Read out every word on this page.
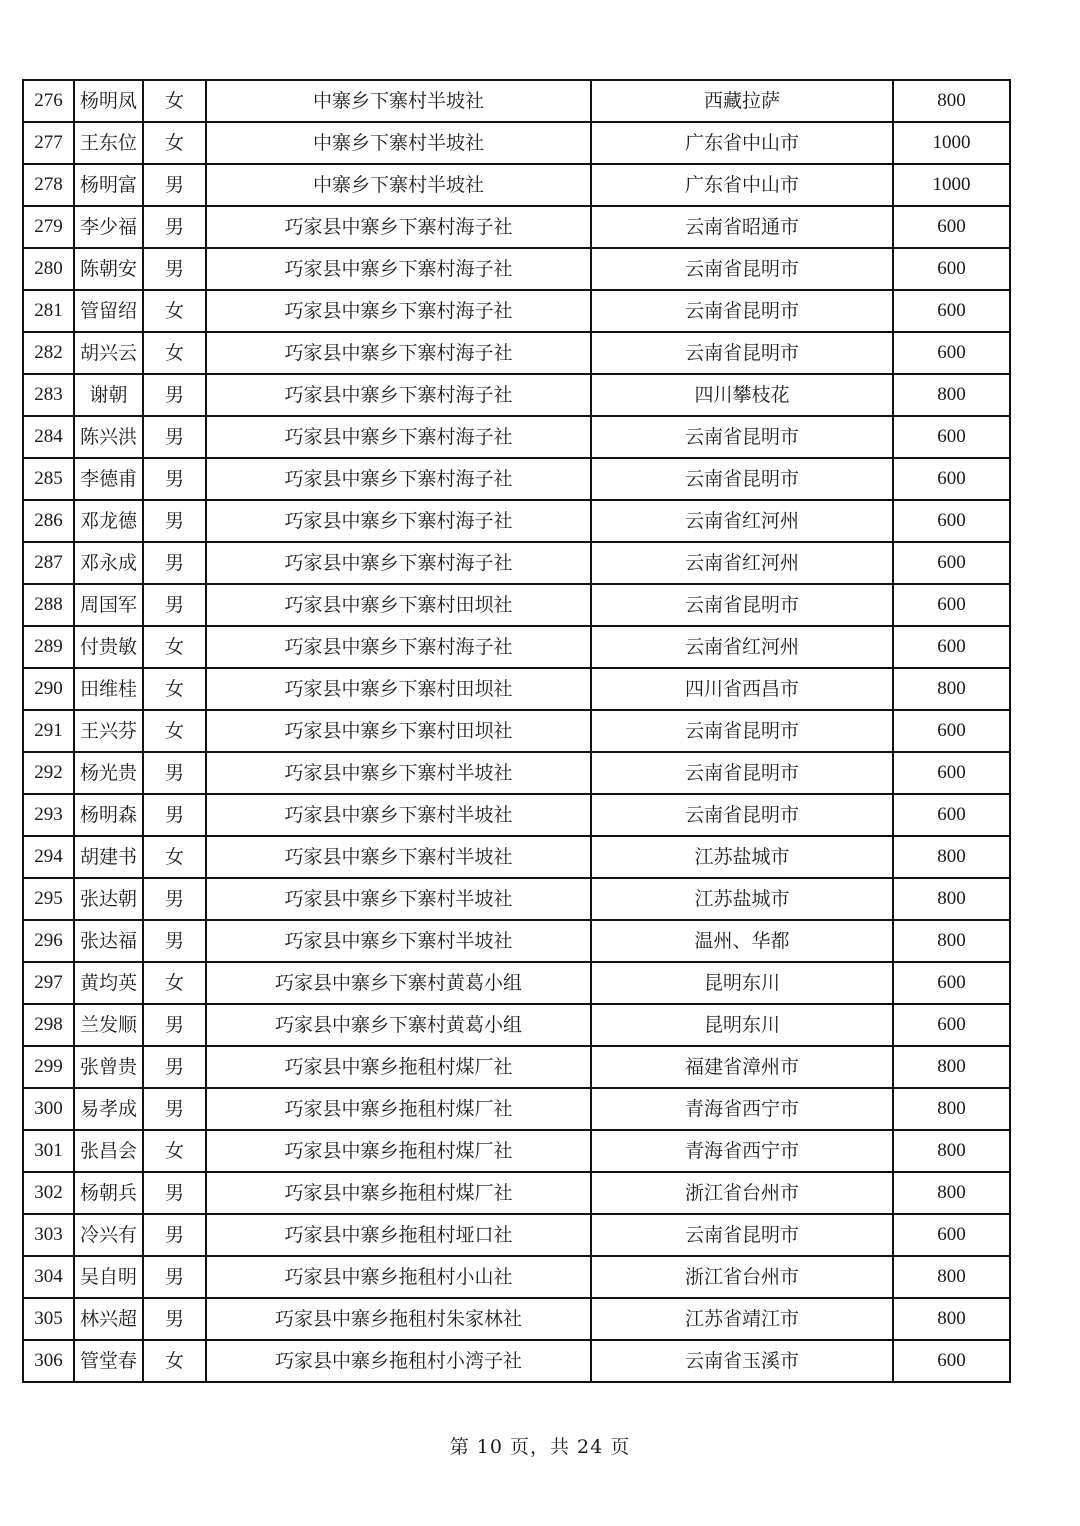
276	杨明凤	女	中寨乡下寨村半坡社	西藏拉萨	800
277	王东位	女	中寨乡下寨村半坡社	广东省中山市	1000
278	杨明富	男	中寨乡下寨村半坡社	广东省中山市	1000
279	李少福	男	巧家县中寨乡下寨村海子社	云南省昭通市	600
280	陈朝安	男	巧家县中寨乡下寨村海子社	云南省昆明市	600
281	管留绍	女	巧家县中寨乡下寨村海子社	云南省昆明市	600
282	胡兴云	女	巧家县中寨乡下寨村海子社	云南省昆明市	600
283	谢朝	男	巧家县中寨乡下寨村海子社	四川攀枝花	800
284	陈兴洪	男	巧家县中寨乡下寨村海子社	云南省昆明市	600
285	李德甫	男	巧家县中寨乡下寨村海子社	云南省昆明市	600
286	邓龙德	男	巧家县中寨乡下寨村海子社	云南省红河州	600
287	邓永成	男	巧家县中寨乡下寨村海子社	云南省红河州	600
288	周国军	男	巧家县中寨乡下寨村田坝社	云南省昆明市	600
289	付贵敏	女	巧家县中寨乡下寨村海子社	云南省红河州	600
290	田维桂	女	巧家县中寨乡下寨村田坝社	四川省西昌市	800
291	王兴芬	女	巧家县中寨乡下寨村田坝社	云南省昆明市	600
292	杨光贵	男	巧家县中寨乡下寨村半坡社	云南省昆明市	600
293	杨明森	男	巧家县中寨乡下寨村半坡社	云南省昆明市	600
294	胡建书	女	巧家县中寨乡下寨村半坡社	江苏盐城市	800
295	张达朝	男	巧家县中寨乡下寨村半坡社	江苏盐城市	800
296	张达福	男	巧家县中寨乡下寨村半坡社	温州、华都	800
297	黄均英	女	巧家县中寨乡下寨村黄葛小组	昆明东川	600
298	兰发顺	男	巧家县中寨乡下寨村黄葛小组	昆明东川	600
299	张曾贵	男	巧家县中寨乡拖租村煤厂社	福建省漳州市	800
300	易孝成	男	巧家县中寨乡拖租村煤厂社	青海省西宁市	800
301	张昌会	女	巧家县中寨乡拖租村煤厂社	青海省西宁市	800
302	杨朝兵	男	巧家县中寨乡拖租村煤厂社	浙江省台州市	800
303	冷兴有	男	巧家县中寨乡拖租村垭口社	云南省昆明市	600
304	吴自明	男	巧家县中寨乡拖租村小山社	浙江省台州市	800
305	林兴超	男	巧家县中寨乡拖租村朱家林社	江苏省靖江市	800
306	管堂春	女	巧家县中寨乡拖租村小湾子社	云南省玉溪市	600
第 10 页，共 24 页
